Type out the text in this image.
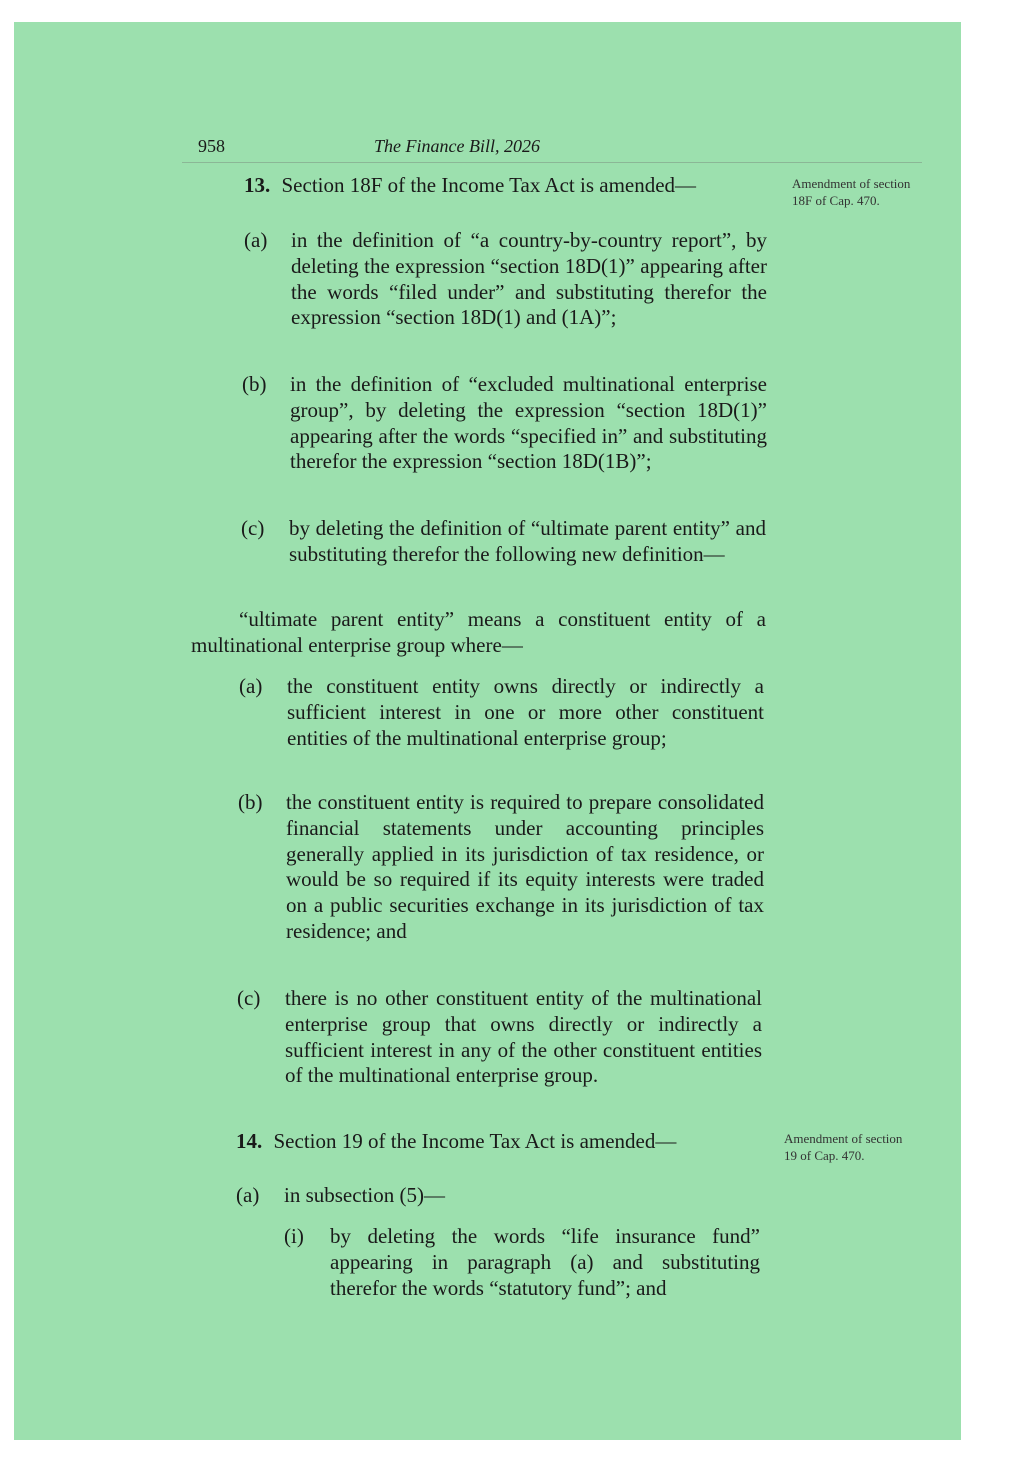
958	The Finance Bill, 2026
13. Section 18F of the Income Tax Act is amended—	Amendment of section 18F of Cap. 470.
(a) in the definition of “a country-by-country report”, by deleting the expression “section 18D(1)” appearing after the words “filed under” and substituting therefor the expression “section 18D(1) and (1A)”;
(b) in the definition of “excluded multinational enterprise group”, by deleting the expression “section 18D(1)” appearing after the words “specified in” and substituting therefor the expression “section 18D(1B)”;
(c) by deleting the definition of “ultimate parent entity” and substituting therefor the following new definition—
“ultimate parent entity” means a constituent entity of a multinational enterprise group where—
(a) the constituent entity owns directly or indirectly a sufficient interest in one or more other constituent entities of the multinational enterprise group;
(b) the constituent entity is required to prepare consolidated financial statements under accounting principles generally applied in its jurisdiction of tax residence, or would be so required if its equity interests were traded on a public securities exchange in its jurisdiction of tax residence; and
(c) there is no other constituent entity of the multinational enterprise group that owns directly or indirectly a sufficient interest in any of the other constituent entities of the multinational enterprise group.
14. Section 19 of the Income Tax Act is amended—	Amendment of section 19 of Cap. 470.
(a) in subsection (5)—
(i) by deleting the words “life insurance fund” appearing in paragraph (a) and substituting therefor the words “statutory fund”; and
